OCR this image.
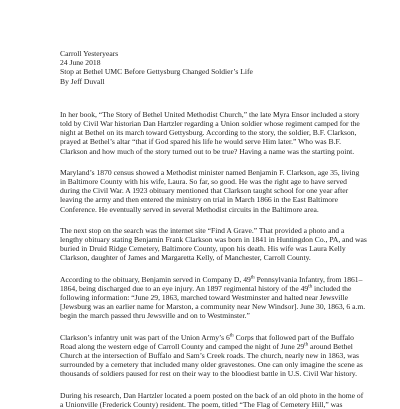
Carroll Yesteryears

24 June 2018

Stop at Bethel UMC Before Gettysburg Changed Soldier’s Life

By Jeff Duvall

In her book, “The Story of Bethel United Methodist Church,” the late Myra Ensor included a story told by Civil War historian Dan Hartzler regarding a Union soldier whose regiment camped for the night at Bethel on its march toward Gettysburg. According to the story, the soldier, B.F. Clarkson, prayed at Bethel’s altar “that if God spared his life he would serve Him later.” Who was B.F. Clarkson and how much of the story turned out to be true? Having a name was the starting point.

Maryland’s 1870 census showed a Methodist minister named Benjamin F. Clarkson, age 35, living in Baltimore County with his wife, Laura. So far, so good. He was the right age to have served during the Civil War. A 1923 obituary mentioned that Clarkson taught school for one year after leaving the army and then entered the ministry on trial in March 1866 in the East Baltimore Conference. He eventually served in several Methodist circuits in the Baltimore area.

The next stop on the search was the internet site “Find A Grave.” That provided a photo and a lengthy obituary stating Benjamin Frank Clarkson was born in 1841 in Huntingdon Co., PA, and was buried in Druid Ridge Cemetery, Baltimore County, upon his death. His wife was Laura Kelly Clarkson, daughter of James and Margaretta Kelly, of Manchester, Carroll County.

According to the obituary, Benjamin served in Company D, 49th Pennsylvania Infantry, from 1861–1864, being discharged due to an eye injury. An 1897 regimental history of the 49th included the following information: “June 29, 1863, marched toward Westminster and halted near Jewsville [Jewsburg was an earlier name for Marston, a community near New Windsor]. June 30, 1863, 6 a.m. begin the march passed thru Jewsville and on to Westminster.”

Clarkson’s infantry unit was part of the Union Army’s 6th Corps that followed part of the Buffalo Road along the western edge of Carroll County and camped the night of June 29th around Bethel Church at the intersection of Buffalo and Sam’s Creek roads. The church, nearly new in 1863, was surrounded by a cemetery that included many older gravestones. One can only imagine the scene as thousands of soldiers paused for rest on their way to the bloodiest battle in U.S. Civil War history.

During his research, Dan Hartzler located a poem posted on the back of an old photo in the home of a Unionville (Frederick County) resident. The poem, titled “The Flag of Cemetery Hill,” was
